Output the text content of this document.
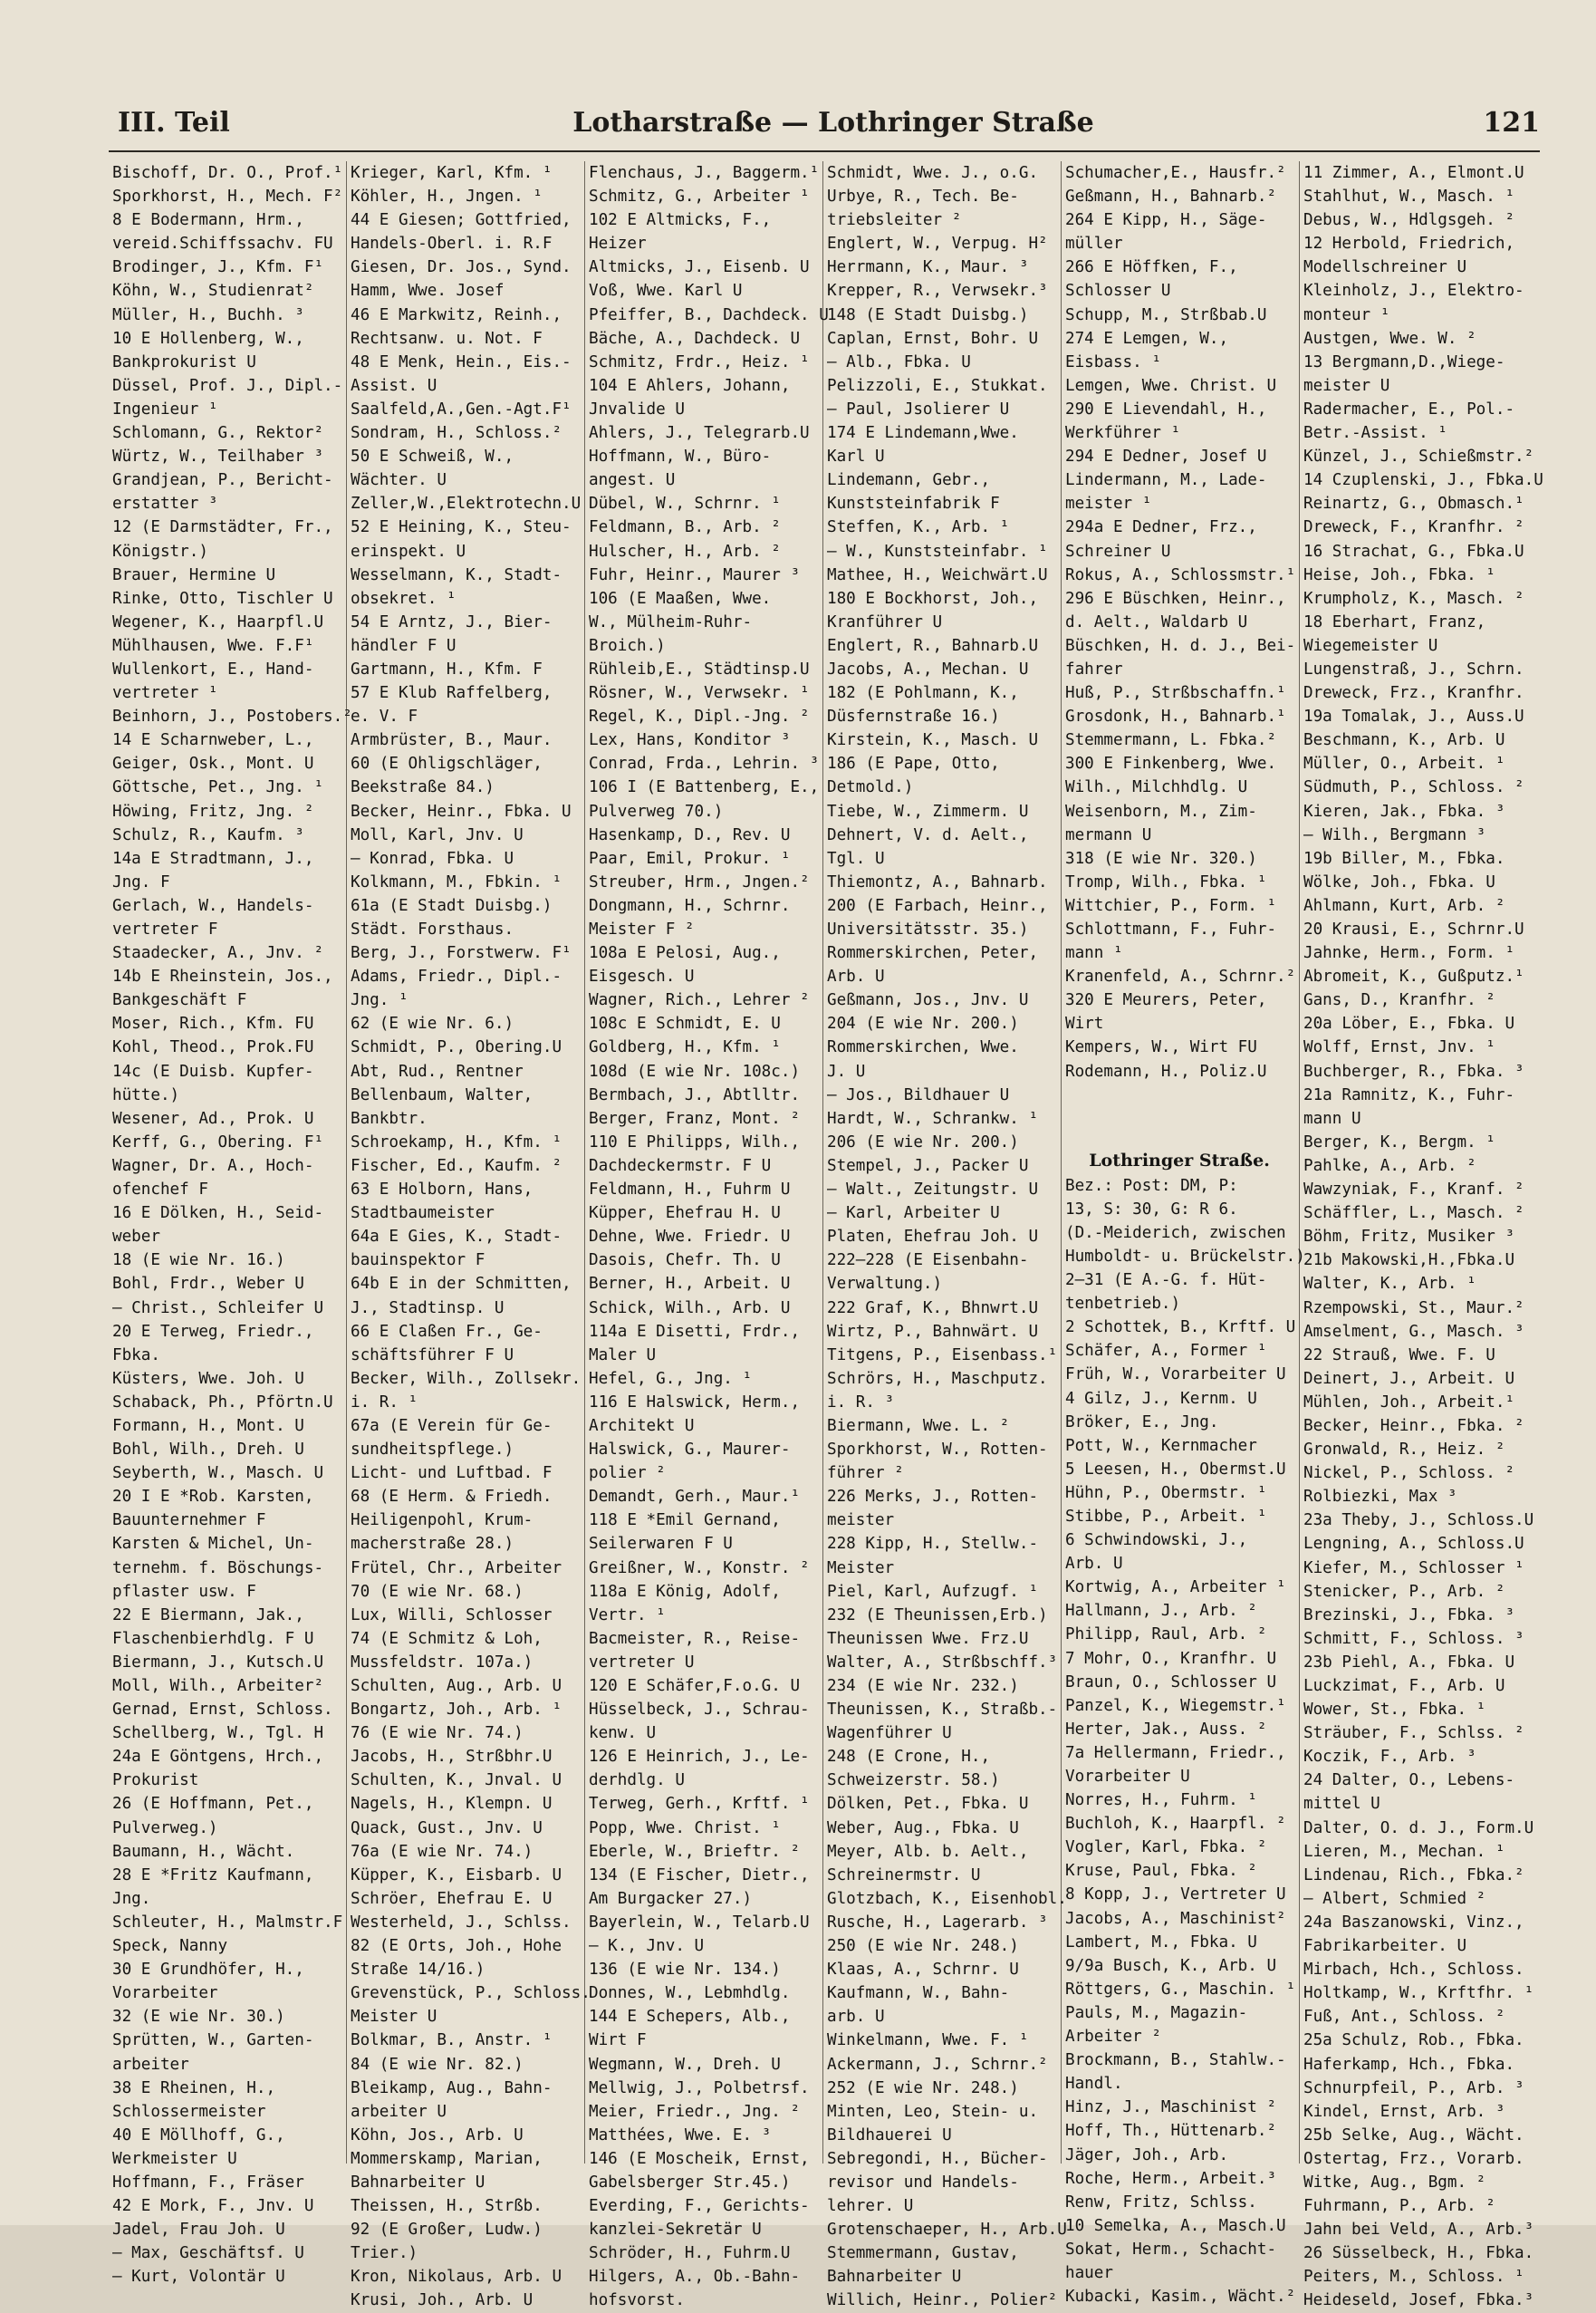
III. Teil	Lotharstraße — Lothringer Straße	121
Bischoff, Dr. O., Prof.¹
Sporkhorst, H., Mech. F²
8 E Bodermann, Hrm.,
vereid.Schiffssachv. FU
Brodinger, J., Kfm. F¹
Köhn, W., Studienrat²
Müller, H., Buchh. ³
10 E Hollenberg, W.,
Bankprokurist U
Düssel, Prof. J., Dipl.-
Ingenieur ¹
Schlomann, G., Rektor²
Würtz, W., Teilhaber ³
Grandjean, P., Bericht-
erstatter ³
12 (E Darmstädter, Fr.,
Königstr.)
Brauer, Hermine U
Rinke, Otto, Tischler U
Wegener, K., Haarpfl.U
Mühlhausen, Wwe. F.F¹
Wullenkort, E., Hand-
vertreter ¹
Beinhorn, J., Postobers.²
14 E Scharnweber, L.,
Geiger, Osk., Mont. U
Göttsche, Pet., Jng. ¹
Höwing, Fritz, Jng. ²
Schulz, R., Kaufm. ³
14a E Stradtmann, J.,
Jng. F
Gerlach, W., Handels-
vertreter F
Staadecker, A., Jnv. ²
14b E Rheinstein, Jos.,
Bankgeschäft F
Moser, Rich., Kfm. FU
Kohl, Theod., Prok.FU
14c (E Duisb. Kupfer-
hütte.)
Wesener, Ad., Prok. U
Kerff, G., Obering. F¹
Wagner, Dr. A., Hoch-
ofenchef F
16 E Dölken, H., Seid-
weber
18 (E wie Nr. 16.)
Bohl, Frdr., Weber U
— Christ., Schleifer U
20 E Terweg, Friedr.,
Fbka.
Küsters, Wwe. Joh. U
Schaback, Ph., Pförtn.U
Formann, H., Mont. U
Bohl, Wilh., Dreh. U
Seyberth, W., Masch. U
20 I E *Rob. Karsten,
Bauunternehmer F
Karsten & Michel, Un-
ternehm. f. Böschungs-
pflaster usw. F
22 E Biermann, Jak.,
Flaschenbierhdlg. F U
Biermann, J., Kutsch.U
Moll, Wilh., Arbeiter²
Gernad, Ernst, Schloss.
Schellberg, W., Tgl. H
24a E Göntgens, Hrch.,
Prokurist
26 (E Hoffmann, Pet.,
Pulverweg.)
Baumann, H., Wächt.
28 E *Fritz Kaufmann,
Jng.
Schleuter, H., Malmstr.F
Speck, Nanny
30 E Grundhöfer, H.,
Vorarbeiter
32 (E wie Nr. 30.)
Sprütten, W., Garten-
arbeiter
38 E Rheinen, H.,
Schlossermeister
40 E Möllhoff, G.,
Werkmeister U
Hoffmann, F., Fräser
42 E Mork, F., Jnv. U
Jadel, Frau Joh. U
— Max, Geschäftsf. U
— Kurt, Volontär U
Krieger, Karl, Kfm. ¹
Köhler, H., Jngen. ¹
44 E Giesen; Gottfried,
Handels-Oberl. i. R.F
Giesen, Dr. Jos., Synd.
Hamm, Wwe. Josef
46 E Markwitz, Reinh.,
Rechtsanw. u. Not. F
48 E Menk, Hein., Eis.-
Assist. U
Saalfeld,A.,Gen.-Agt.F¹
Sondram, H., Schloss.²
50 E Schweiß, W.,
Wächter. U
Zeller,W.,Elektrotechn.U
52 E Heining, K., Steu-
erinspekt. U
Wesselmann, K., Stadt-
obsekret. ¹
54 E Arntz, J., Bier-
händler F U
Gartmann, H., Kfm. F
57 E Klub Raffelberg,
e. V. F
Armbrüster, B., Maur.
60 (E Ohligschläger,
Beekstraße 84.)
Becker, Heinr., Fbka. U
Moll, Karl, Jnv. U
— Konrad, Fbka. U
Kolkmann, M., Fbkin. ¹
61a (E Stadt Duisbg.)
Städt. Forsthaus.
Berg, J., Forstwerw. F¹
Adams, Friedr., Dipl.-
Jng. ¹
62 (E wie Nr. 6.)
Schmidt, P., Obering.U
Abt, Rud., Rentner
Bellenbaum, Walter,
Bankbtr.
Schroekamp, H., Kfm. ¹
Fischer, Ed., Kaufm. ²
63 E Holborn, Hans,
Stadtbaumeister
64a E Gies, K., Stadt-
bauinspektor F
64b E in der Schmitten,
J., Stadtinsp. U
66 E Claßen Fr., Ge-
schäftsführer F U
Becker, Wilh., Zollsekr.
i. R. ¹
67a (E Verein für Ge-
sundheitspflege.)
Licht- und Luftbad. F
68 (E Herm. & Friedh.
Heiligenpohl, Krum-
macherstraße 28.)
Frütel, Chr., Arbeiter
70 (E wie Nr. 68.)
Lux, Willi, Schlosser
74 (E Schmitz & Loh,
Mussfeldstr. 107a.)
Schulten, Aug., Arb. U
Bongartz, Joh., Arb. ¹
76 (E wie Nr. 74.)
Jacobs, H., Strßbhr.U
Schulten, K., Jnval. U
Nagels, H., Klempn. U
Quack, Gust., Jnv. U
76a (E wie Nr. 74.)
Küpper, K., Eisbarb. U
Schröer, Ehefrau E. U
Westerheld, J., Schlss.
82 (E Orts, Joh., Hohe
Straße 14/16.)
Grevenstück, P., Schloss.
Meister U
Bolkmar, B., Anstr. ¹
84 (E wie Nr. 82.)
Bleikamp, Aug., Bahn-
arbeiter U
Köhn, Jos., Arb. U
Mommerskamp, Marian,
Bahnarbeiter U
Theissen, H., Strßb.
92 (E Großer, Ludw.)
Trier.)
Kron, Nikolaus, Arb. U
Krusi, Joh., Arb. U
Flenchaus, J., Baggerm.¹
Schmitz, G., Arbeiter ¹
102 E Altmicks, F.,
Heizer
Altmicks, J., Eisenb. U
Voß, Wwe. Karl U
Pfeiffer, B., Dachdeck. U
Bäche, A., Dachdeck. U
Schmitz, Frdr., Heiz. ¹
104 E Ahlers, Johann,
Jnvalide U
Ahlers, J., Telegrarb.U
Hoffmann, W., Büro-
angest. U
Dübel, W., Schrnr. ¹
Feldmann, B., Arb. ²
Hulscher, H., Arb. ²
Fuhr, Heinr., Maurer ³
106 (E Maaßen, Wwe.
W., Mülheim-Ruhr-
Broich.)
Rühleib,E., Städtinsp.U
Rösner, W., Verwsekr. ¹
Regel, K., Dipl.-Jng. ²
Lex, Hans, Konditor ³
Conrad, Frda., Lehrin. ³
106 I (E Battenberg, E.,
Pulverweg 70.)
Hasenkamp, D., Rev. U
Paar, Emil, Prokur. ¹
Streuber, Hrm., Jngen.²
Dongmann, H., Schrnr.
Meister F ²
108a E Pelosi, Aug.,
Eisgesch. U
Wagner, Rich., Lehrer ²
108c E Schmidt, E. U
Goldberg, H., Kfm. ¹
108d (E wie Nr. 108c.)
Bermbach, J., Abtlltr.
Berger, Franz, Mont. ²
110 E Philipps, Wilh.,
Dachdeckermstr. F U
Feldmann, H., Fuhrm U
Küpper, Ehefrau H. U
Dehne, Wwe. Friedr. U
Dasois, Chefr. Th. U
Berner, H., Arbeit. U
Schick, Wilh., Arb. U
114a E Disetti, Frdr.,
Maler U
Hefel, G., Jng. ¹
116 E Halswick, Herm.,
Architekt U
Halswick, G., Maurer-
polier ²
Demandt, Gerh., Maur.¹
118 E *Emil Gernand,
Seilerwaren F U
Greißner, W., Konstr. ²
118a E König, Adolf,
Vertr. ¹
Bacmeister, R., Reise-
vertreter U
120 E Schäfer,F.o.G. U
Hüsselbeck, J., Schrau-
kenw. U
126 E Heinrich, J., Le-
derhdlg. U
Terweg, Gerh., Krftf. ¹
Popp, Wwe. Christ. ¹
Eberle, W., Brieftr. ²
134 (E Fischer, Dietr.,
Am Burgacker 27.)
Bayerlein, W., Telarb.U
— K., Jnv. U
136 (E wie Nr. 134.)
Donnes, W., Lebmhdlg.
144 E Schepers, Alb.,
Wirt F
Wegmann, W., Dreh. U
Mellwig, J., Polbetrsf.
Meier, Friedr., Jng. ²
Matthées, Wwe. E. ³
146 (E Moscheik, Ernst,
Gabelsberger Str.45.)
Everding, F., Gerichts-
kanzlei-Sekretär U
Schröder, H., Fuhrm.U
Hilgers, A., Ob.-Bahn-
hofsvorst.
Schmidt, Wwe. J., o.G.
Urbye, R., Tech. Be-
triebsleiter ²
Englert, W., Verpug. H²
Herrmann, K., Maur. ³
Krepper, R., Verwsekr.³
148 (E Stadt Duisbg.)
Caplan, Ernst, Bohr. U
— Alb., Fbka. U
Pelizzoli, E., Stukkat.
— Paul, Jsolierer U
174 E Lindemann,Wwe.
Karl U
Lindemann, Gebr.,
Kunststeinfabrik F
Steffen, K., Arb. ¹
— W., Kunststeinfabr. ¹
Mathee, H., Weichwärt.U
180 E Bockhorst, Joh.,
Kranführer U
Englert, R., Bahnarb.U
Jacobs, A., Mechan. U
182 (E Pohlmann, K.,
Düsfernstraße 16.)
Kirstein, K., Masch. U
186 (E Pape, Otto,
Detmold.)
Tiebe, W., Zimmerm. U
Dehnert, V. d. Aelt.,
Tgl. U
Thiemontz, A., Bahnarb.
200 (E Farbach, Heinr.,
Universitätsstr. 35.)
Rommerskirchen, Peter,
Arb. U
Geßmann, Jos., Jnv. U
204 (E wie Nr. 200.)
Rommerskirchen, Wwe.
J. U
— Jos., Bildhauer U
Hardt, W., Schrankw. ¹
206 (E wie Nr. 200.)
Stempel, J., Packer U
— Walt., Zeitungstr. U
— Karl, Arbeiter U
Platen, Ehefrau Joh. U
222—228 (E Eisenbahn-
Verwaltung.)
222 Graf, K., Bhnwrt.U
Wirtz, P., Bahnwärt. U
Titgens, P., Eisenbass.¹
Schrörs, H., Maschputz.
i. R. ³
Biermann, Wwe. L. ²
Sporkhorst, W., Rotten-
führer ²
226 Merks, J., Rotten-
meister
228 Kipp, H., Stellw.-
Meister
Piel, Karl, Aufzugf. ¹
232 (E Theunissen,Erb.)
Theunissen Wwe. Frz.U
Walter, A., Strßbschff.³
234 (E wie Nr. 232.)
Theunissen, K., Straßb.-
Wagenführer U
248 (E Crone, H.,
Schweizerstr. 58.)
Dölken, Pet., Fbka. U
Weber, Aug., Fbka. U
Meyer, Alb. b. Aelt.,
Schreinermstr. U
Glotzbach, K., Eisenhobl.
Rusche, H., Lagerarb. ³
250 (E wie Nr. 248.)
Klaas, A., Schrnr. U
Kaufmann, W., Bahn-
arb. U
Winkelmann, Wwe. F. ¹
Ackermann, J., Schrnr.²
252 (E wie Nr. 248.)
Minten, Leo, Stein- u.
Bildhauerei U
Sebregondi, H., Bücher-
revisor und Handels-
lehrer. U
Grotenschaeper, H., Arb.U
Stemmermann, Gustav,
Bahnarbeiter U
Willich, Heinr., Polier²
Schumacher,E., Hausfr.²
Geßmann, H., Bahnarb.²
264 E Kipp, H., Säge-
müller
266 E Höffken, F.,
Schlosser U
Schupp, M., Strßbab.U
274 E Lemgen, W.,
Eisbass. ¹
Lemgen, Wwe. Christ. U
290 E Lievendahl, H.,
Werkführer ¹
294 E Dedner, Josef U
Lindermann, M., Lade-
meister ¹
294a E Dedner, Frz.,
Schreiner U
Rokus, A., Schlossmstr.¹
296 E Büschken, Heinr.,
d. Aelt., Waldarb U
Büschken, H. d. J., Bei-
fahrer
Huß, P., Strßbschaffn.¹
Grosdonk, H., Bahnarb.¹
Stemmermann, L. Fbka.²
300 E Finkenberg, Wwe.
Wilh., Milchhdlg. U
Weisenborn, M., Zim-
mermann U
318 (E wie Nr. 320.)
Tromp, Wilh., Fbka. ¹
Wittchier, P., Form. ¹
Schlottmann, F., Fuhr-
mann ¹
Kranenfeld, A., Schrnr.²
320 E Meurers, Peter,
Wirt
Kempers, W., Wirt FU
Rodemann, H., Poliz.U
Lothringer Straße.
Bez.: Post: DM, P:
13, S: 30, G: R 6.
(D.-Meiderich, zwischen
Humboldt- u. Brückelstr.)
2—31 (E A.-G. f. Hüt-
tenbetrieb.)
2 Schottek, B., Krftf. U
Schäfer, A., Former ¹
Früh, W., Vorarbeiter U
4 Gilz, J., Kernm. U
Bröker, E., Jng.
Pott, W., Kernmacher
5 Leesen, H., Obermst.U
Hühn, P., Obermstr. ¹
Stibbe, P., Arbeit. ¹
6 Schwindowski, J.,
Arb. U
Kortwig, A., Arbeiter ¹
Hallmann, J., Arb. ²
Philipp, Raul, Arb. ²
7 Mohr, O., Kranfhr. U
Braun, O., Schlosser U
Panzel, K., Wiegemstr.¹
Herter, Jak., Auss. ²
7a Hellermann, Friedr.,
Vorarbeiter U
Norres, H., Fuhrm. ¹
Buchloh, K., Haarpfl. ²
Vogler, Karl, Fbka. ²
Kruse, Paul, Fbka. ²
8 Kopp, J., Vertreter U
Jacobs, A., Maschinist²
Lambert, M., Fbka. U
9/9a Busch, K., Arb. U
Röttgers, G., Maschin. ¹
Pauls, M., Magazin-
Arbeiter ²
Brockmann, B., Stahlw.-
Handl.
Hinz, J., Maschinist ²
Hoff, Th., Hüttenarb.²
Jäger, Joh., Arb.
Roche, Herm., Arbeit.³
Renw, Fritz, Schlss.
10 Semelka, A., Masch.U
Sokat, Herm., Schacht-
hauer
Kubacki, Kasim., Wächt.²
11 Zimmer, A., Elmont.U
Stahlhut, W., Masch. ¹
Debus, W., Hdlgsgeh. ²
12 Herbold, Friedrich,
Modellschreiner U
Kleinholz, J., Elektro-
monteur ¹
Austgen, Wwe. W. ²
13 Bergmann,D.,Wiege-
meister U
Radermacher, E., Pol.-
Betr.-Assist. ¹
Künzel, J., Schießmstr.²
14 Czuplenski, J., Fbka.U
Reinartz, G., Obmasch.¹
Dreweck, F., Kranfhr. ²
16 Strachat, G., Fbka.U
Heise, Joh., Fbka. ¹
Krumpholz, K., Masch. ²
18 Eberhart, Franz,
Wiegemeister U
Lungenstraß, J., Schrn.
Dreweck, Frz., Kranfhr.
19a Tomalak, J., Auss.U
Beschmann, K., Arb. U
Müller, O., Arbeit. ¹
Südmuth, P., Schloss. ²
Kieren, Jak., Fbka. ³
— Wilh., Bergmann ³
19b Biller, M., Fbka.
Wölke, Joh., Fbka. U
Ahlmann, Kurt, Arb. ²
20 Krausi, E., Schrnr.U
Jahnke, Herm., Form. ¹
Abromeit, K., Gußputz.¹
Gans, D., Kranfhr. ²
20a Löber, E., Fbka. U
Wolff, Ernst, Jnv. ¹
Buchberger, R., Fbka. ³
21a Ramnitz, K., Fuhr-
mann U
Berger, K., Bergm. ¹
Pahlke, A., Arb. ²
Wawzyniak, F., Kranf. ²
Schäffler, L., Masch. ²
Böhm, Fritz, Musiker ³
21b Makowski,H.,Fbka.U
Walter, K., Arb. ¹
Rzempowski, St., Maur.²
Amselment, G., Masch. ³
22 Strauß, Wwe. F. U
Deinert, J., Arbeit. U
Mühlen, Joh., Arbeit.¹
Becker, Heinr., Fbka. ²
Gronwald, R., Heiz. ²
Nickel, P., Schloss. ²
Rolbiezki, Max ³
23a Theby, J., Schloss.U
Lengning, A., Schloss.U
Kiefer, M., Schlosser ¹
Stenicker, P., Arb. ²
Brezinski, J., Fbka. ³
Schmitt, F., Schloss. ³
23b Piehl, A., Fbka. U
Luckzimat, F., Arb. U
Wower, St., Fbka. ¹
Sträuber, F., Schlss. ²
Koczik, F., Arb. ³
24 Dalter, O., Lebens-
mittel U
Dalter, O. d. J., Form.U
Lieren, M., Mechan. ¹
Lindenau, Rich., Fbka.²
— Albert, Schmied ²
24a Baszanowski, Vinz.,
Fabrikarbeiter. U
Mirbach, Hch., Schloss.
Holtkamp, W., Krftfhr. ¹
Fuß, Ant., Schloss. ²
25a Schulz, Rob., Fbka.
Haferkamp, Hch., Fbka.
Schnurpfeil, P., Arb. ³
Kindel, Ernst, Arb. ³
25b Selke, Aug., Wächt.
Ostertag, Frz., Vorarb.
Witke, Aug., Bgm. ²
Fuhrmann, P., Arb. ²
Jahn bei Veld, A., Arb.³
26 Süsselbeck, H., Fbka.
Peiters, M., Schloss. ¹
Heideseld, Josef, Fbka.³
